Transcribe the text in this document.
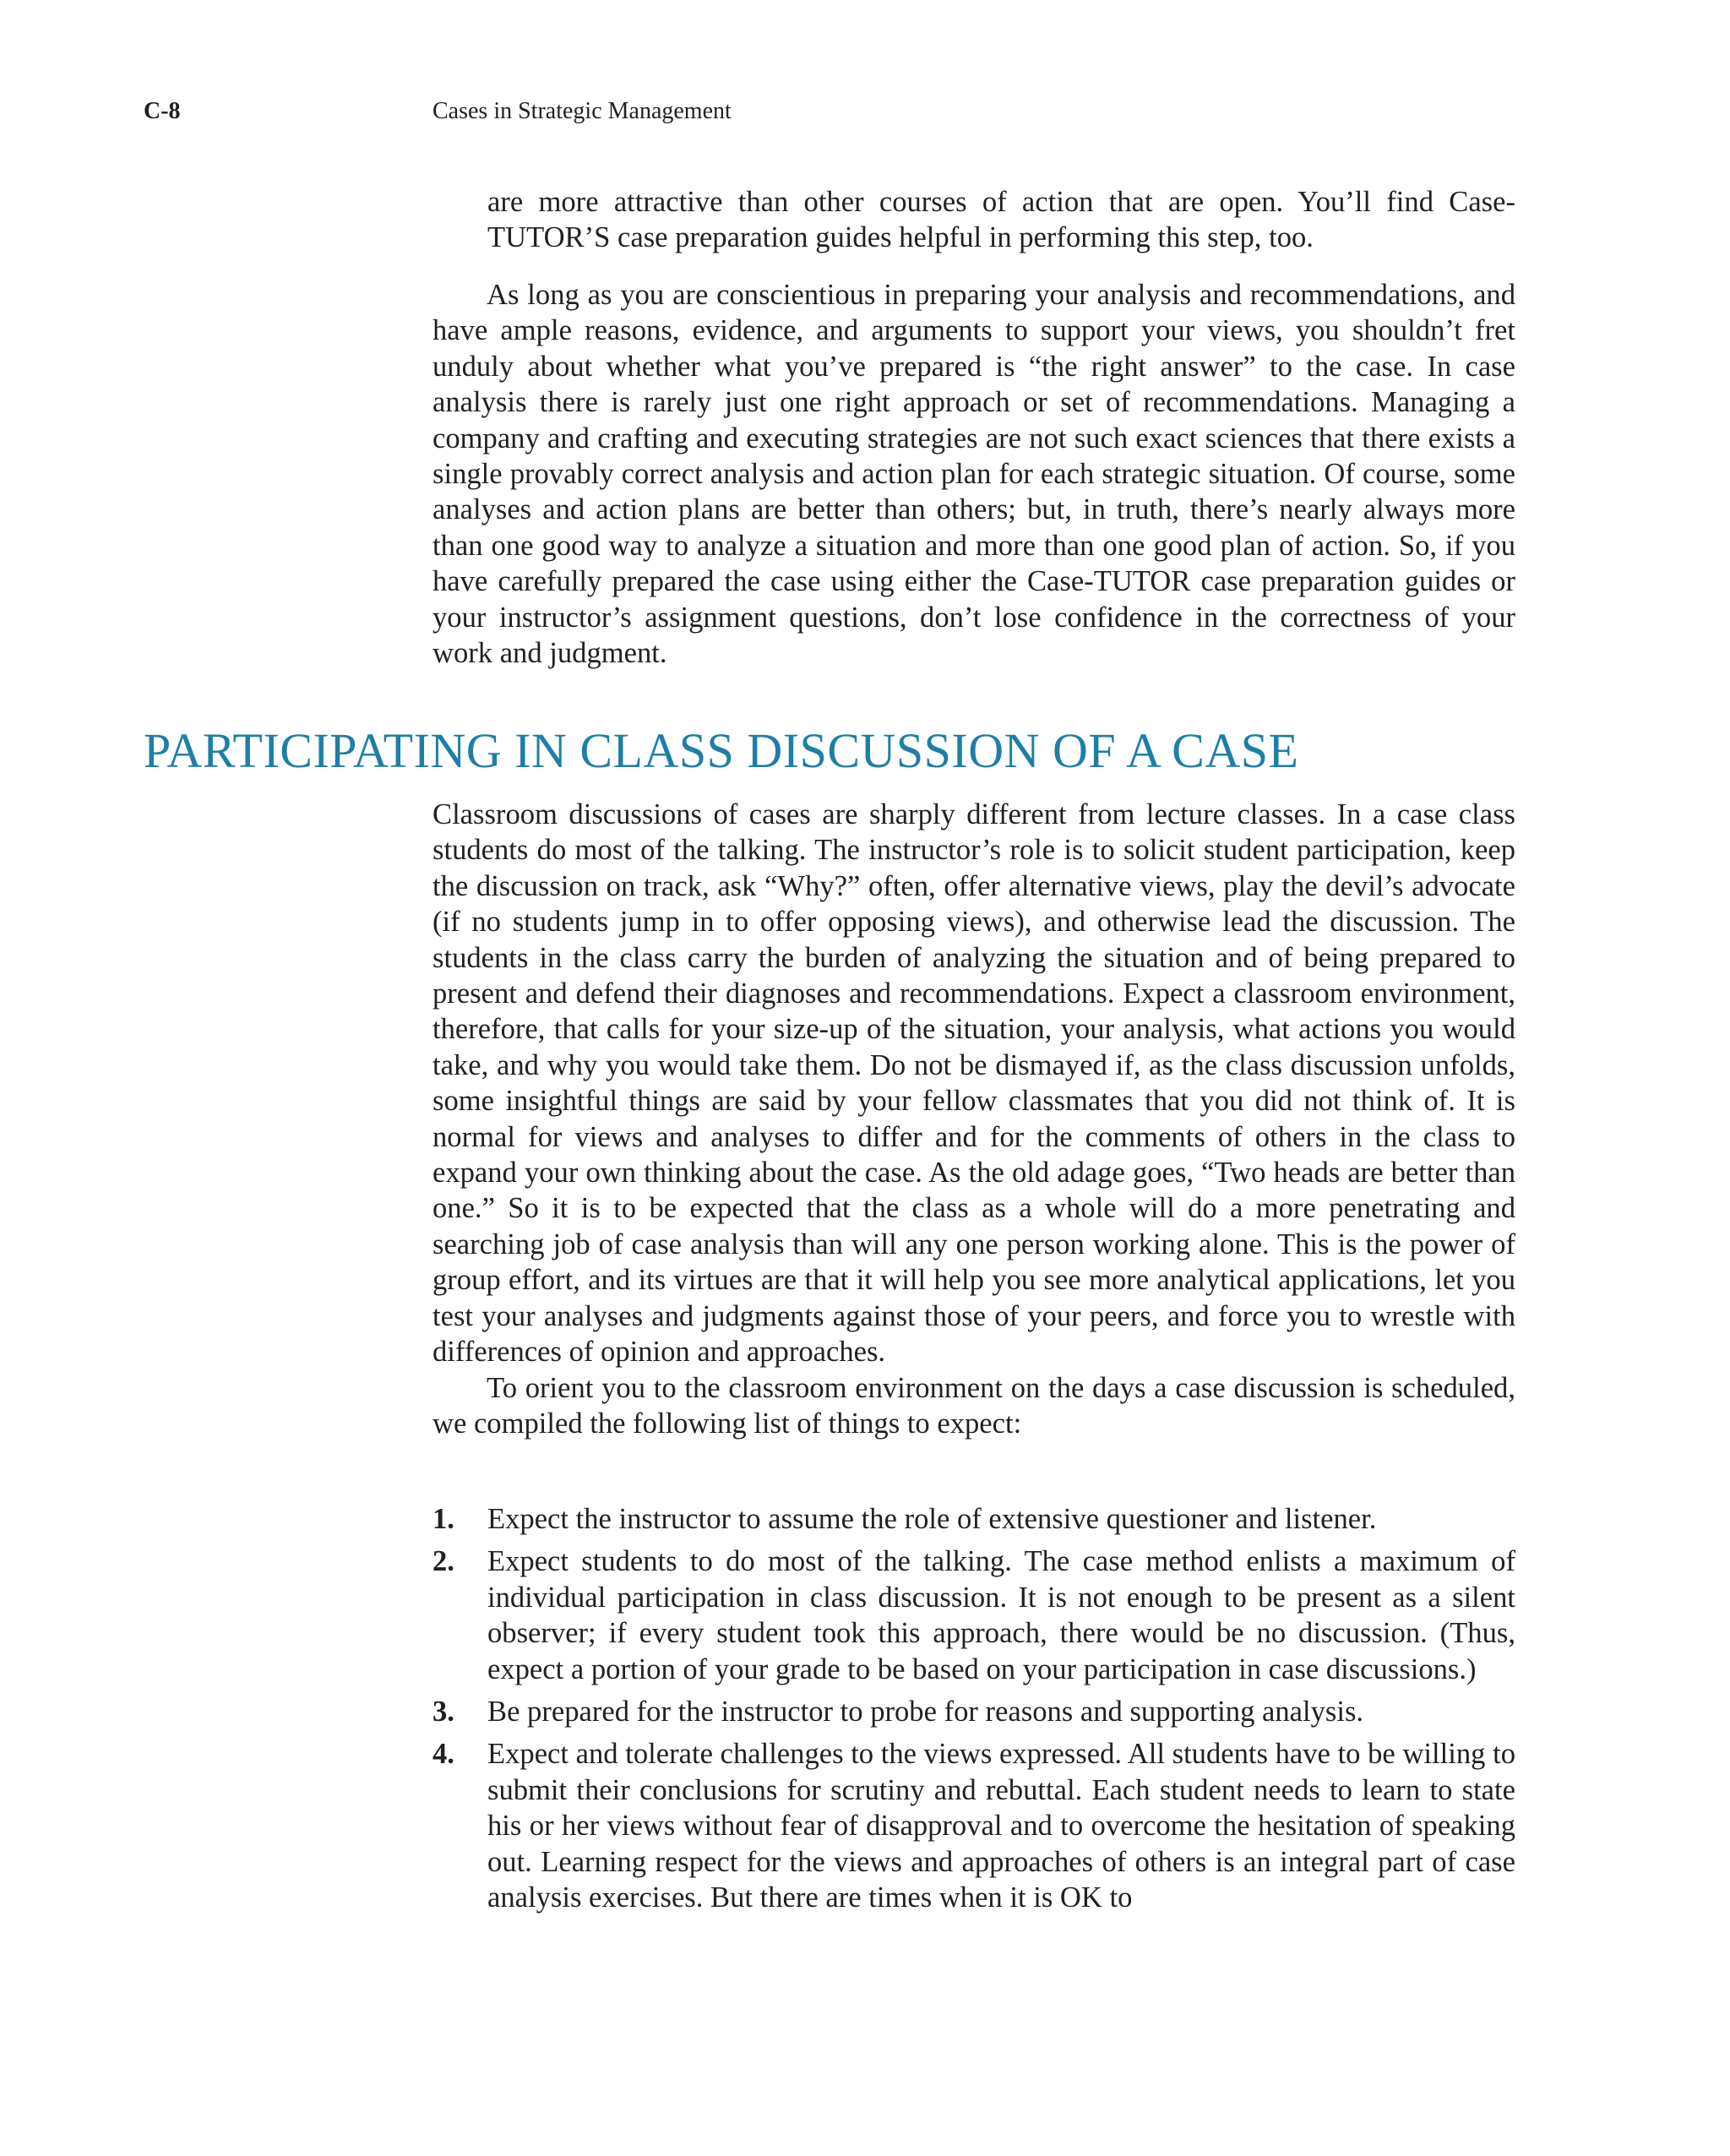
C-8	Cases in Strategic Management

are more attractive than other courses of action that are open. You’ll find Case-TUTOR’S case preparation guides helpful in performing this step, too.

As long as you are conscientious in preparing your analysis and recommendations, and have ample reasons, evidence, and arguments to support your views, you shouldn’t fret unduly about whether what you’ve prepared is “the right answer” to the case. In case analysis there is rarely just one right approach or set of recommendations. Managing a company and crafting and executing strategies are not such exact sciences that there exists a single provably correct analysis and action plan for each strategic situation. Of course, some analyses and action plans are better than others; but, in truth, there’s nearly always more than one good way to analyze a situation and more than one good plan of action. So, if you have carefully prepared the case using either the Case-TUTOR case preparation guides or your instructor’s assignment questions, don’t lose confidence in the correctness of your work and judgment.

PARTICIPATING IN CLASS DISCUSSION OF A CASE

Classroom discussions of cases are sharply different from lecture classes. In a case class students do most of the talking. The instructor’s role is to solicit student participation, keep the discussion on track, ask “Why?” often, offer alternative views, play the devil’s advocate (if no students jump in to offer opposing views), and otherwise lead the discussion. The students in the class carry the burden of analyzing the situation and of being prepared to present and defend their diagnoses and recommendations. Expect a classroom environment, therefore, that calls for your size-up of the situation, your analysis, what actions you would take, and why you would take them. Do not be dismayed if, as the class discussion unfolds, some insightful things are said by your fellow classmates that you did not think of. It is normal for views and analyses to differ and for the comments of others in the class to expand your own thinking about the case. As the old adage goes, “Two heads are better than one.” So it is to be expected that the class as a whole will do a more penetrating and searching job of case analysis than will any one person working alone. This is the power of group effort, and its virtues are that it will help you see more analytical applications, let you test your analyses and judgments against those of your peers, and force you to wrestle with differences of opinion and approaches.

To orient you to the classroom environment on the days a case discussion is scheduled, we compiled the following list of things to expect:

1. Expect the instructor to assume the role of extensive questioner and listener.
2. Expect students to do most of the talking. The case method enlists a maximum of individual participation in class discussion. It is not enough to be present as a silent observer; if every student took this approach, there would be no discussion. (Thus, expect a portion of your grade to be based on your participation in case discussions.)
3. Be prepared for the instructor to probe for reasons and supporting analysis.
4. Expect and tolerate challenges to the views expressed. All students have to be willing to submit their conclusions for scrutiny and rebuttal. Each student needs to learn to state his or her views without fear of disapproval and to overcome the hesitation of speaking out. Learning respect for the views and approaches of others is an integral part of case analysis exercises. But there are times when it is OK to
